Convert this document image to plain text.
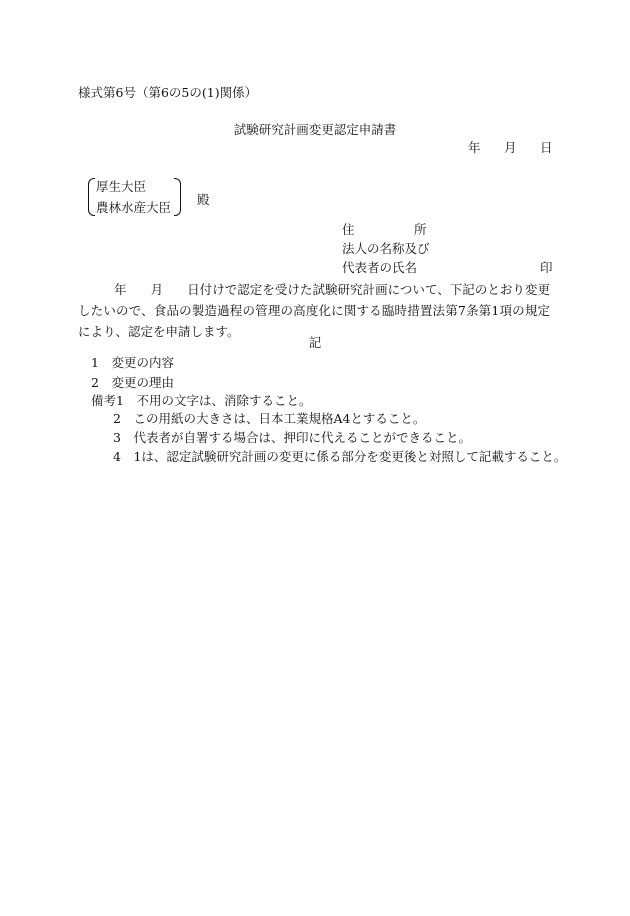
様式第6号（第6の5の(1)関係）
試験研究計画変更認定申請書
年 月 日
厚生大臣
農林水産大臣
殿
住	所
法人の名称及び
代表者の氏名	印
年 月 日付けで認定を受けた試験研究計画について、下記のとおり変更したいので、食品の製造過程の管理の高度化に関する臨時措置法第7条第1項の規定により、認定を申請します。
記
1　変更の内容
2　変更の理由
備考1　不用の文字は、消除すること。
2　この用紙の大きさは、日本工業規格A4とすること。
3　代表者が自署する場合は、押印に代えることができること。
4　1は、認定試験研究計画の変更に係る部分を変更後と対照して記載すること。
